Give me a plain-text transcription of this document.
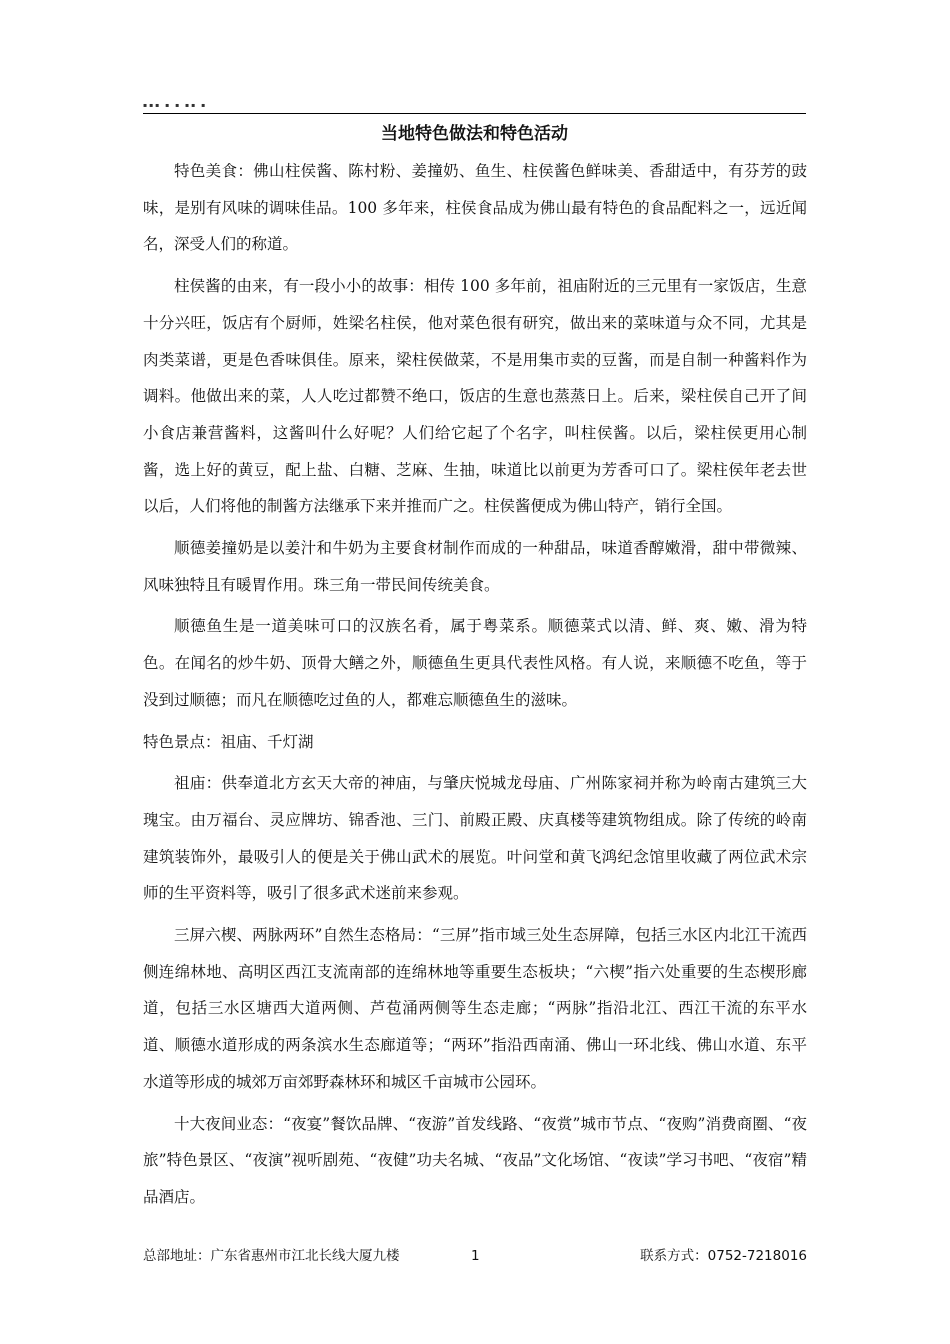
▪▪▪ ▪ ▪ ▪▪ ▪
当地特色做法和特色活动

特色美食：佛山柱侯酱、陈村粉、姜撞奶、鱼生、柱侯酱色鲜味美、香甜适中，有芬芳的豉味，是别有风味的调味佳品。100 多年来，柱侯食品成为佛山最有特色的食品配料之一，远近闻名，深受人们的称道。

柱侯酱的由来，有一段小小的故事：相传 100 多年前，祖庙附近的三元里有一家饭店，生意十分兴旺，饭店有个厨师，姓梁名柱侯，他对菜色很有研究，做出来的菜味道与众不同，尤其是肉类菜谱，更是色香味俱佳。原来，梁柱侯做菜，不是用集市卖的豆酱，而是自制一种酱料作为调料。他做出来的菜，人人吃过都赞不绝口，饭店的生意也蒸蒸日上。后来，梁柱侯自己开了间小食店兼营酱料，这酱叫什么好呢？人们给它起了个名字，叫柱侯酱。以后，梁柱侯更用心制酱，选上好的黄豆，配上盐、白糖、芝麻、生抽，味道比以前更为芳香可口了。梁柱侯年老去世以后，人们将他的制酱方法继承下来并推而广之。柱侯酱便成为佛山特产，销行全国。

顺德姜撞奶是以姜汁和牛奶为主要食材制作而成的一种甜品，味道香醇嫩滑，甜中带微辣、风味独特且有暖胃作用。珠三角一带民间传统美食。

顺德鱼生是一道美味可口的汉族名肴，属于粤菜系。顺德菜式以清、鲜、爽、嫩、滑为特色。在闻名的炒牛奶、顶骨大鳝之外，顺德鱼生更具代表性风格。有人说，来顺德不吃鱼，等于没到过顺德；而凡在顺德吃过鱼的人，都难忘顺德鱼生的滋味。

特色景点：祖庙、千灯湖

祖庙：供奉道北方玄天大帝的神庙，与肇庆悦城龙母庙、广州陈家祠并称为岭南古建筑三大瑰宝。由万福台、灵应牌坊、锦香池、三门、前殿正殿、庆真楼等建筑物组成。除了传统的岭南建筑装饰外，最吸引人的便是关于佛山武术的展览。叶问堂和黄飞鸿纪念馆里收藏了两位武术宗师的生平资料等，吸引了很多武术迷前来参观。

三屏六楔、两脉两环”自然生态格局：“三屏”指市域三处生态屏障，包括三水区内北江干流西侧连绵林地、高明区西江支流南部的连绵林地等重要生态板块；“六楔”指六处重要的生态楔形廊道，包括三水区塘西大道两侧、芦苞涌两侧等生态走廊；“两脉”指沿北江、西江干流的东平水道、顺德水道形成的两条滨水生态廊道等；“两环”指沿西南涌、佛山一环北线、佛山水道、东平水道等形成的城郊万亩郊野森林环和城区千亩城市公园环。

十大夜间业态：“夜宴”餐饮品牌、“夜游”首发线路、“夜赏”城市节点、“夜购”消费商圈、“夜旅”特色景区、“夜演”视听剧苑、“夜健”功夫名城、“夜品”文化场馆、“夜读”学习书吧、“夜宿”精品酒店。

总部地址：广东省惠州市江北长线大厦九楼	1	联系方式：0752-7218016
